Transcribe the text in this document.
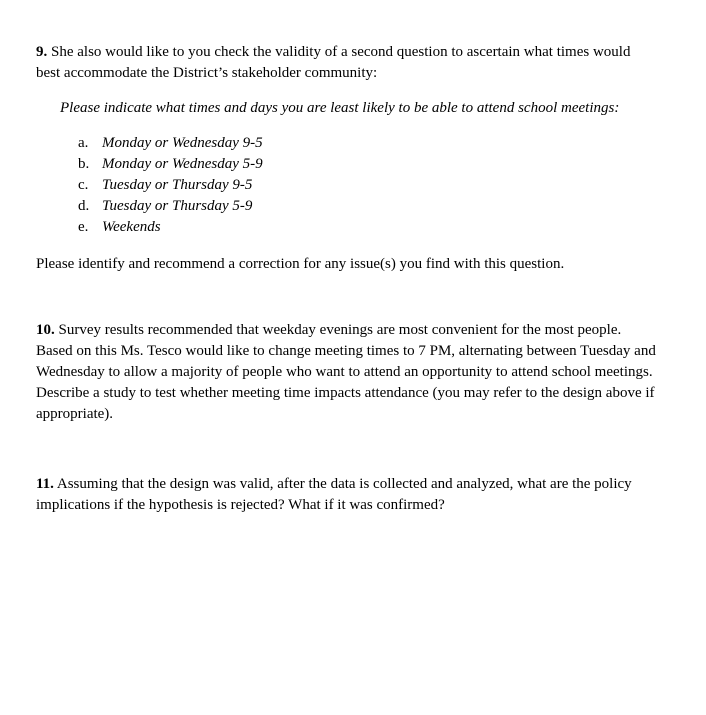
9. She also would like to you check the validity of a second question to ascertain what times would best accommodate the District’s stakeholder community:

Please indicate what times and days you are least likely to be able to attend school meetings:

a. Monday or Wednesday 9-5
b. Monday or Wednesday 5-9
c. Tuesday or Thursday 9-5
d. Tuesday or Thursday 5-9
e. Weekends

Please identify and recommend a correction for any issue(s) you find with this question.

10. Survey results recommended that weekday evenings are most convenient for the most people. Based on this Ms. Tesco would like to change meeting times to 7 PM, alternating between Tuesday and Wednesday to allow a majority of people who want to attend an opportunity to attend school meetings. Describe a study to test whether meeting time impacts attendance (you may refer to the design above if appropriate).

11. Assuming that the design was valid, after the data is collected and analyzed, what are the policy implications if the hypothesis is rejected? What if it was confirmed?
